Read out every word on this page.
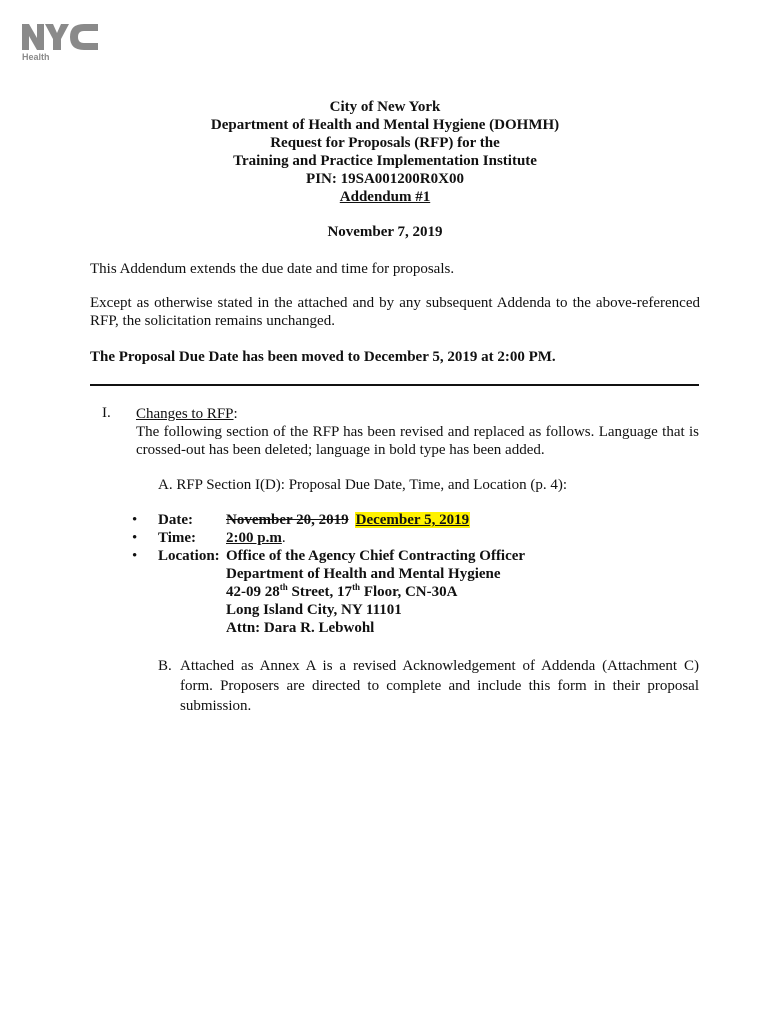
Health
City of New York
Department of Health and Mental Hygiene (DOHMH)
Request for Proposals (RFP) for the
Training and Practice Implementation Institute
PIN: 19SA001200R0X00
Addendum #1
November 7, 2019
This Addendum extends the due date and time for proposals.
Except as otherwise stated in the attached and by any subsequent Addenda to the above-referenced RFP, the solicitation remains unchanged.
The Proposal Due Date has been moved to December 5, 2019 at 2:00 PM.
I. Changes to RFP:
The following section of the RFP has been revised and replaced as follows. Language that is crossed-out has been deleted; language in bold type has been added.
A. RFP Section I(D): Proposal Due Date, Time, and Location (p. 4):
• Date: November 20, 2019 December 5, 2019
• Time: 2:00 p.m.
• Location: Office of the Agency Chief Contracting Officer
Department of Health and Mental Hygiene
42-09 28th Street, 17th Floor, CN-30A
Long Island City, NY 11101
Attn: Dara R. Lebwohl
B. Attached as Annex A is a revised Acknowledgement of Addenda (Attachment C) form. Proposers are directed to complete and include this form in their proposal submission.
